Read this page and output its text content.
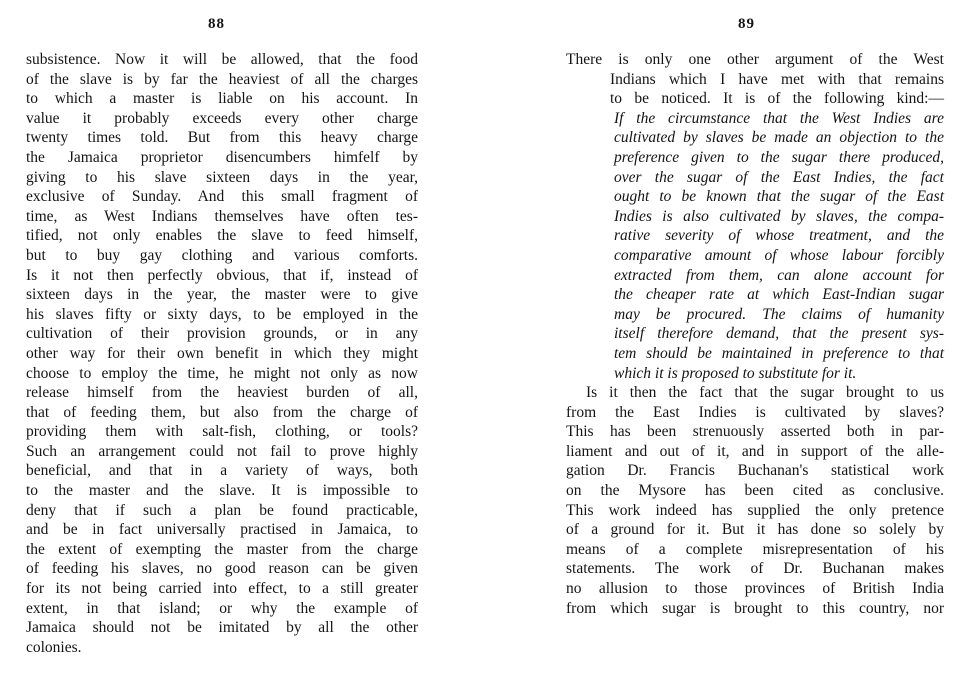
88
subsistence. Now it will be allowed, that the food
of the slave is by far the heaviest of all the charges
to which a master is liable on his account. In
value it probably exceeds every other charge
twenty times told. But from this heavy charge
the Jamaica proprietor disencumbers himfelf by
giving to his slave sixteen days in the year,
exclusive of Sunday. And this small fragment of
time, as West Indians themselves have often tes-
tified, not only enables the slave to feed himself,
but to buy gay clothing and various comforts.
Is it not then perfectly obvious, that if, instead of
sixteen days in the year, the master were to give
his slaves fifty or sixty days, to be employed in the
cultivation of their provision grounds, or in any
other way for their own benefit in which they might
choose to employ the time, he might not only as now
release himself from the heaviest burden of all,
that of feeding them, but also from the charge of
providing them with salt-fish, clothing, or tools?
Such an arrangement could not fail to prove highly
beneficial, and that in a variety of ways, both
to the master and the slave. It is impossible to
deny that if such a plan be found practicable,
and be in fact universally practised in Jamaica, to
the extent of exempting the master from the charge
of feeding his slaves, no good reason can be given
for its not being carried into effect, to a still greater
extent, in that island; or why the example of
Jamaica should not be imitated by all the other
colonies.
89
There is only one other argument of the West
Indians which I have met with that remains
to be noticed. It is of the following kind:—
If the circumstance that the West Indies are
cultivated by slaves be made an objection to the
preference given to the sugar there produced,
over the sugar of the East Indies, the fact
ought to be known that the sugar of the East
Indies is also cultivated by slaves, the compa-
rative severity of whose treatment, and the
comparative amount of whose labour forcibly
extracted from them, can alone account for
the cheaper rate at which East-Indian sugar
may be procured. The claims of humanity
itself therefore demand, that the present sys-
tem should be maintained in preference to that
which it is proposed to substitute for it.
Is it then the fact that the sugar brought to us
from the East Indies is cultivated by slaves?
This has been strenuously asserted both in par-
liament and out of it, and in support of the alle-
gation Dr. Francis Buchanan's statistical work
on the Mysore has been cited as conclusive.
This work indeed has supplied the only pretence
of a ground for it. But it has done so solely by
means of a complete misrepresentation of his
statements. The work of Dr. Buchanan makes
no allusion to those provinces of British India
from which sugar is brought to this country, nor
